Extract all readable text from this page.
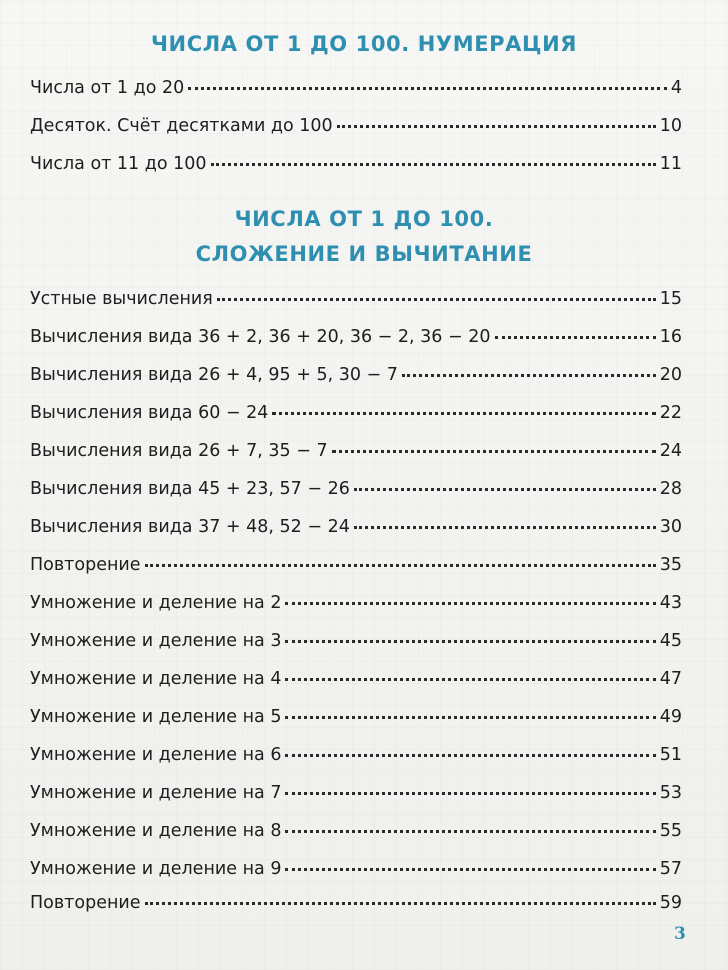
ЧИСЛА ОТ 1 ДО 100. НУМЕРАЦИЯ
Числа от 1 до 20	4
Десяток. Счёт десятками до 100	10
Числа от 11 до 100	11
ЧИСЛА ОТ 1 ДО 100.
СЛОЖЕНИЕ И ВЫЧИТАНИЕ
Устные вычисления	15
Вычисления вида 36 + 2, 36 + 20, 36 − 2, 36 − 20	16
Вычисления вида 26 + 4, 95 + 5, 30 − 7	20
Вычисления вида 60 − 24	22
Вычисления вида 26 + 7, 35 − 7	24
Вычисления вида 45 + 23, 57 − 26	28
Вычисления вида 37 + 48, 52 − 24	30
Повторение	35
Умножение и деление на 2	43
Умножение и деление на 3	45
Умножение и деление на 4	47
Умножение и деление на 5	49
Умножение и деление на 6	51
Умножение и деление на 7	53
Умножение и деление на 8	55
Умножение и деление на 9	57
Повторение	59
3
